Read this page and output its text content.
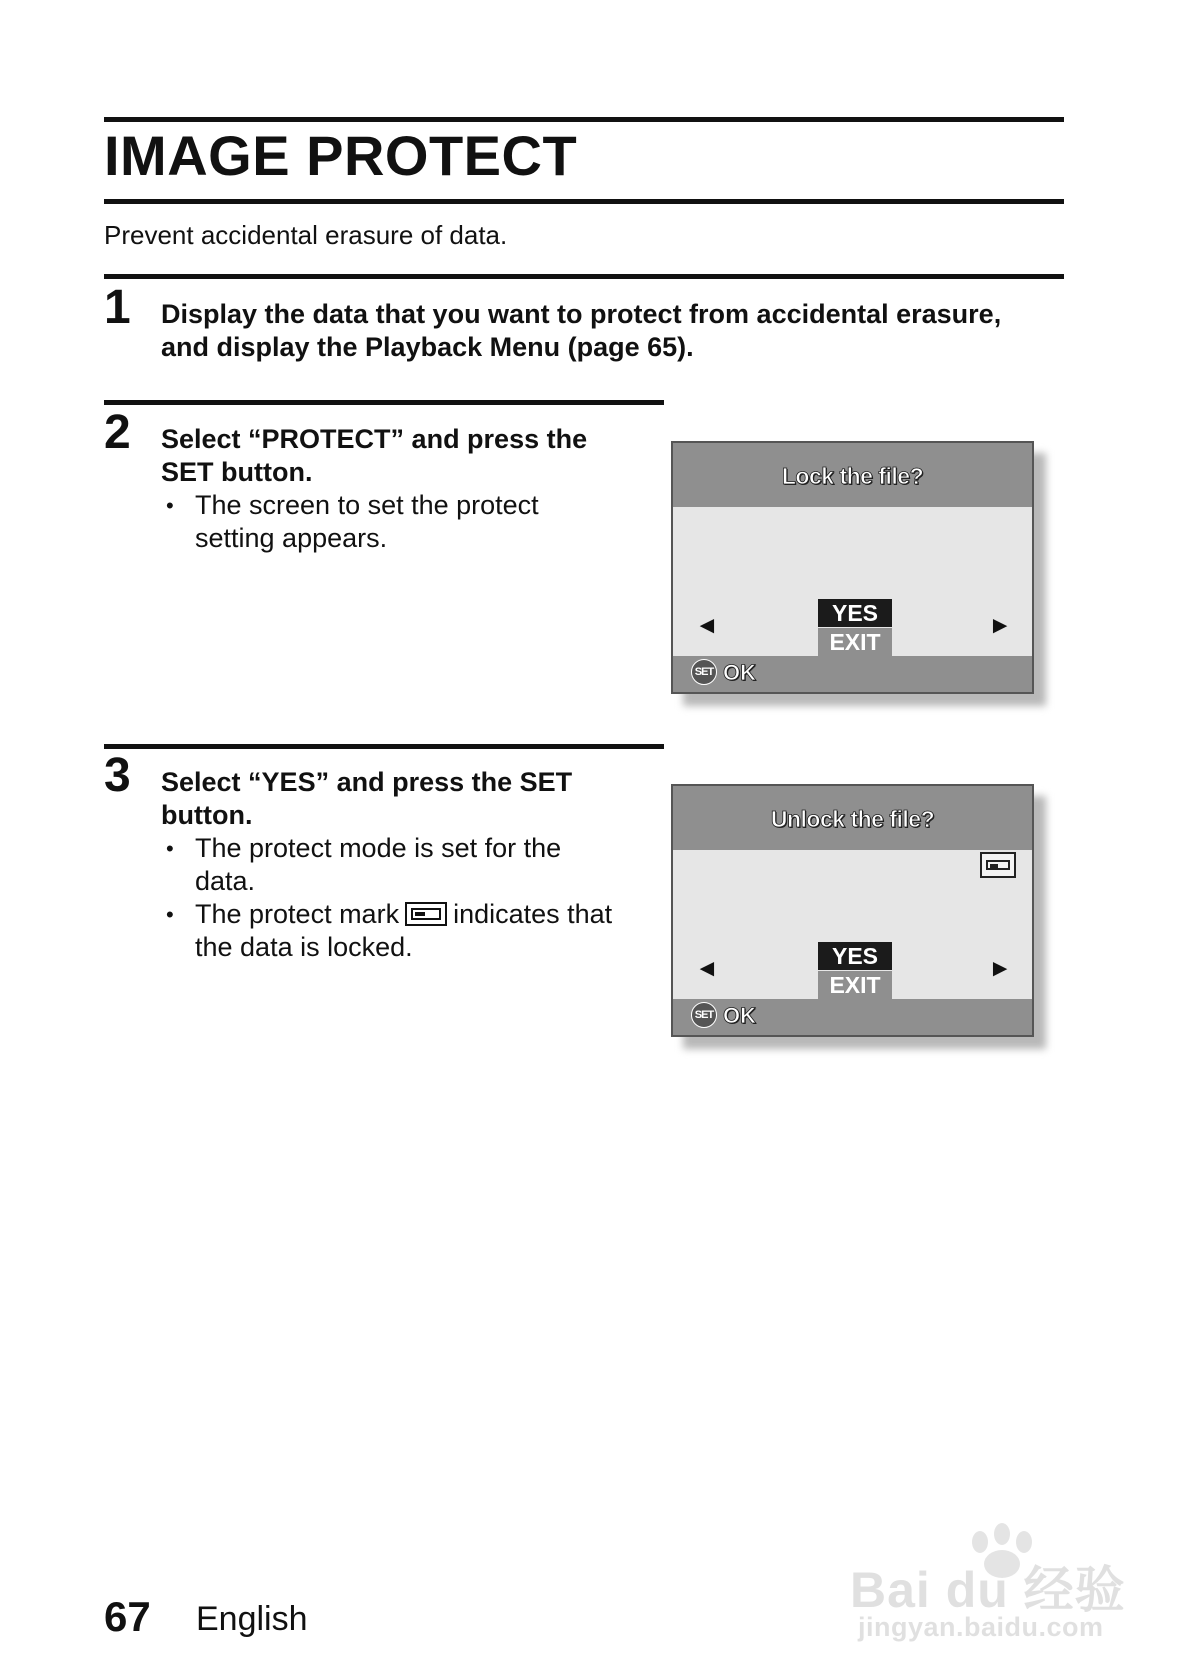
IMAGE PROTECT
Prevent accidental erasure of data.
1 Display the data that you want to protect from accidental erasure,
and display the Playback Menu (page 65).
2 Select “PROTECT” and press the
SET button.
• The screen to set the protect
setting appears.
Lock the file?
◄	►
YES
EXIT
SET OK
3 Select “YES” and press the SET
button.
• The protect mode is set for the
data.
• The protect mark indicates that
the data is locked.
Unlock the file?
◄	►
YES
EXIT
SET OK
67 English
Bai du 经验
jingyan.baidu.com
